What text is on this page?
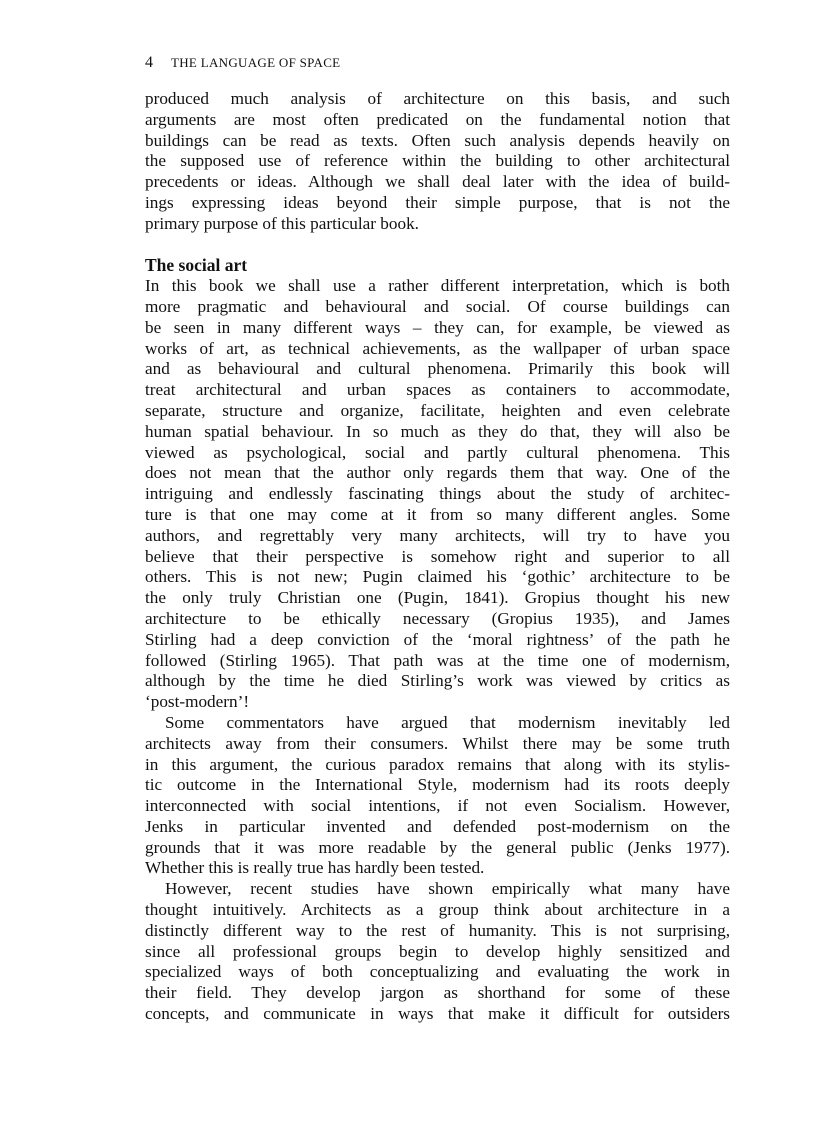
4 THE LANGUAGE OF SPACE
produced much analysis of architecture on this basis, and such
arguments are most often predicated on the fundamental notion that
buildings can be read as texts. Often such analysis depends heavily on
the supposed use of reference within the building to other architectural
precedents or ideas. Although we shall deal later with the idea of build-
ings expressing ideas beyond their simple purpose, that is not the
primary purpose of this particular book.
The social art
In this book we shall use a rather different interpretation, which is both
more pragmatic and behavioural and social. Of course buildings can
be seen in many different ways – they can, for example, be viewed as
works of art, as technical achievements, as the wallpaper of urban space
and as behavioural and cultural phenomena. Primarily this book will
treat architectural and urban spaces as containers to accommodate,
separate, structure and organize, facilitate, heighten and even celebrate
human spatial behaviour. In so much as they do that, they will also be
viewed as psychological, social and partly cultural phenomena. This
does not mean that the author only regards them that way. One of the
intriguing and endlessly fascinating things about the study of architec-
ture is that one may come at it from so many different angles. Some
authors, and regrettably very many architects, will try to have you
believe that their perspective is somehow right and superior to all
others. This is not new; Pugin claimed his ‘gothic’ architecture to be
the only truly Christian one (Pugin, 1841). Gropius thought his new
architecture to be ethically necessary (Gropius 1935), and James
Stirling had a deep conviction of the ‘moral rightness’ of the path he
followed (Stirling 1965). That path was at the time one of modernism,
although by the time he died Stirling’s work was viewed by critics as
‘post-modern’!
Some commentators have argued that modernism inevitably led
architects away from their consumers. Whilst there may be some truth
in this argument, the curious paradox remains that along with its stylis-
tic outcome in the International Style, modernism had its roots deeply
interconnected with social intentions, if not even Socialism. However,
Jenks in particular invented and defended post-modernism on the
grounds that it was more readable by the general public (Jenks 1977).
Whether this is really true has hardly been tested.
However, recent studies have shown empirically what many have
thought intuitively. Architects as a group think about architecture in a
distinctly different way to the rest of humanity. This is not surprising,
since all professional groups begin to develop highly sensitized and
specialized ways of both conceptualizing and evaluating the work in
their field. They develop jargon as shorthand for some of these
concepts, and communicate in ways that make it difficult for outsiders
